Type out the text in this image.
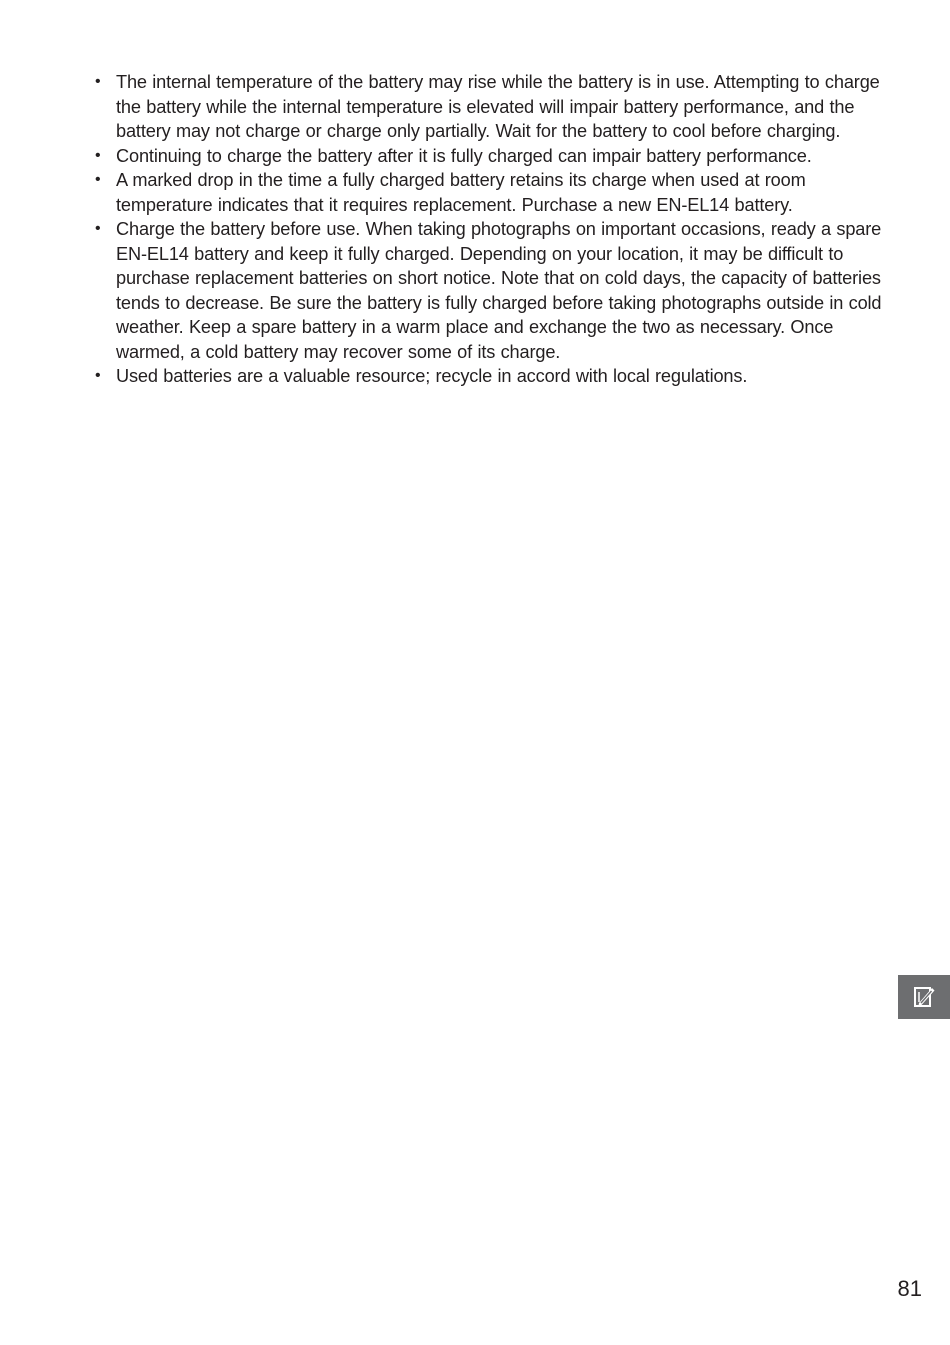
• The internal temperature of the battery may rise while the battery is in use. Attempting to charge the battery while the internal temperature is elevated will impair battery performance, and the battery may not charge or charge only partially. Wait for the battery to cool before charging.
• Continuing to charge the battery after it is fully charged can impair battery performance.
• A marked drop in the time a fully charged battery retains its charge when used at room temperature indicates that it requires replacement. Purchase a new EN-EL14 battery.
• Charge the battery before use. When taking photographs on important occasions, ready a spare EN-EL14 battery and keep it fully charged. Depending on your location, it may be difficult to purchase replacement batteries on short notice. Note that on cold days, the capacity of batteries tends to decrease. Be sure the battery is fully charged before taking photographs outside in cold weather. Keep a spare battery in a warm place and exchange the two as necessary. Once warmed, a cold battery may recover some of its charge.
• Used batteries are a valuable resource; recycle in accord with local regulations.
81
